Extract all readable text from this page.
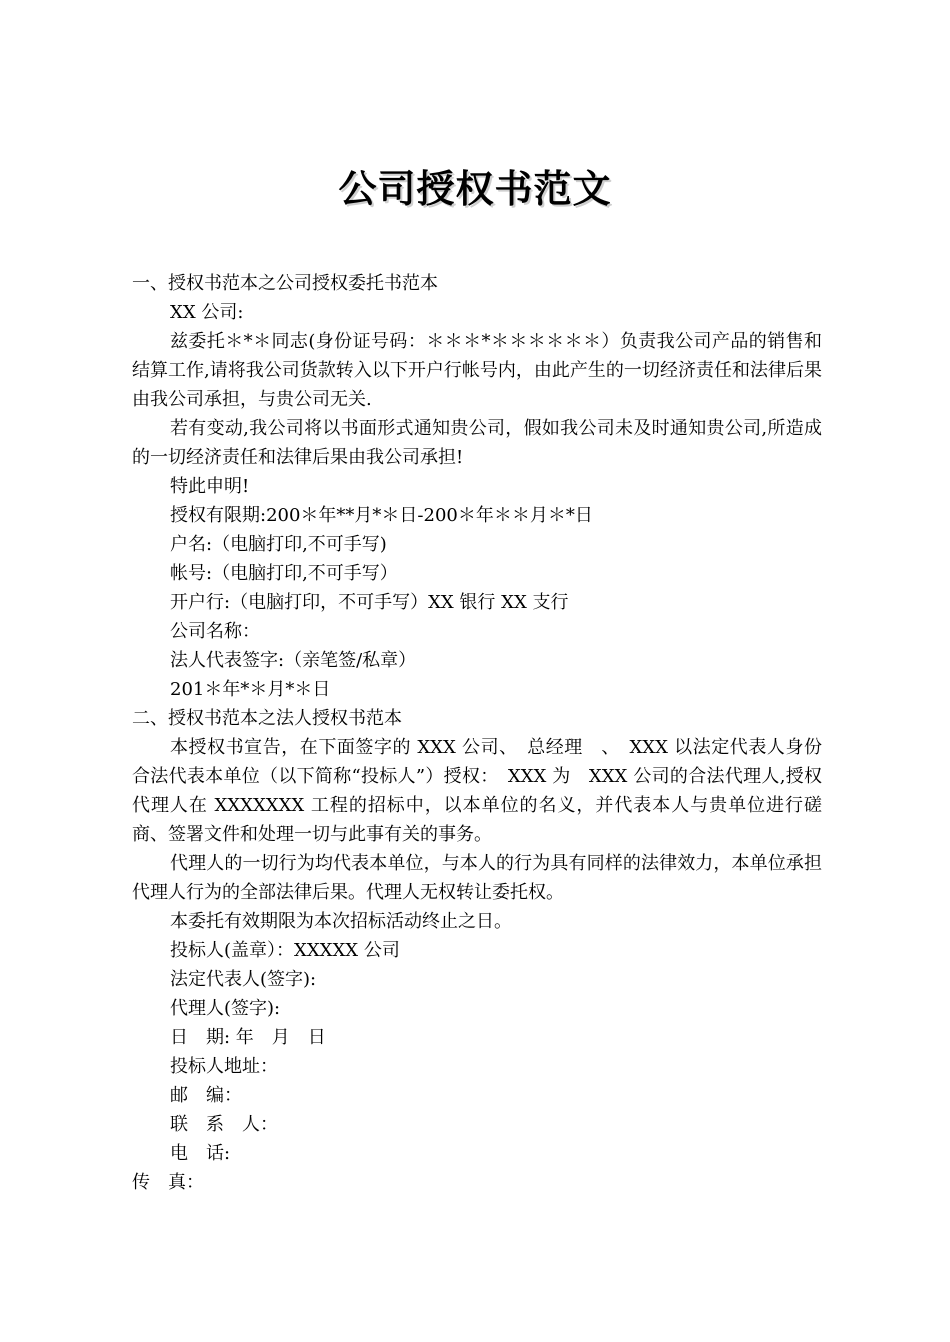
公司授权书范文

一、授权书范本之公司授权委托书范本

XX 公司:

兹委托＊*＊同志(身份证号码：＊＊＊*＊＊＊＊＊＊）负责我公司产品的销售和结算工作,请将我公司货款转入以下开户行帐号内，由此产生的一切经济责任和法律后果由我公司承担，与贵公司无关.

若有变动,我公司将以书面形式通知贵公司，假如我公司未及时通知贵公司,所造成的一切经济责任和法律后果由我公司承担!

特此申明!

授权有限期:200＊年**月*＊日-200＊年＊＊月＊*日

户名:（电脑打印,不可手写)

帐号:（电脑打印,不可手写）

开户行:（电脑打印，不可手写）XX 银行 XX 支行

公司名称：

法人代表签字:（亲笔签/私章）

201＊年*＊月*＊日

二、授权书范本之法人授权书范本

本授权书宣告，在下面签字的 XXX 公司、　总经理　、　XXX 以法定代表人身份合法代表本单位（以下简称“投标人”）授权：　XXX 为　XXX 公司的合法代理人,授权代理人在 XXXXXXX 工程的招标中，以本单位的名义，并代表本人与贵单位进行磋商、签署文件和处理一切与此事有关的事务。

代理人的一切行为均代表本单位，与本人的行为具有同样的法律效力，本单位承担代理人行为的全部法律后果。代理人无权转让委托权。

本委托有效期限为本次招标活动终止之日。

投标人(盖章）：XXXXX 公司

法定代表人(签字):

代理人(签字):

日　期: 年　月　日

投标人地址：

邮　编：

联　系　人：

电　话:

传　真：
